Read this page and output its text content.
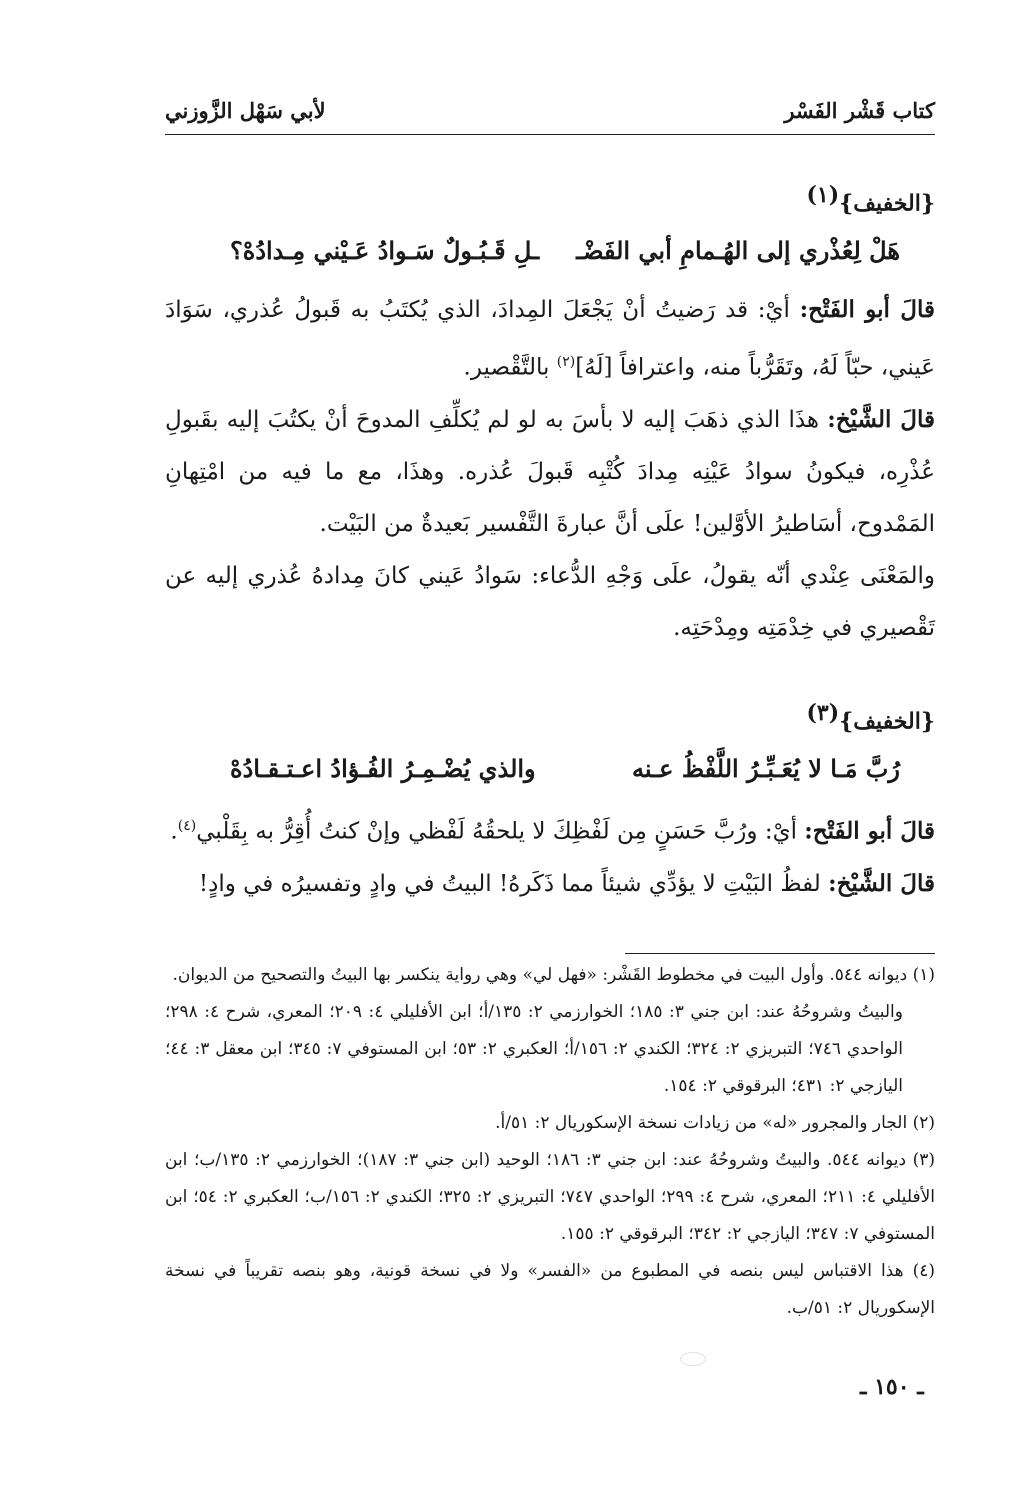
كتاب قَشْر الفَسْر
لأبي سَهْل الزَّوزني
{الخفيف}$^{(١)}$
هَلْ لِعُذْري إلى الهُـمامِ أبي الفَضْـ
ـلِ قَـبُـولٌ سَـوادُ عَـيْني مِـدادُهْ؟

قالَ أبو الفَتْح: أيْ: قد رَضيتُ أنْ يَجْعَلَ المِدادَ، الذي يُكتَبُ به قَبولُ عُذري، سَوَادَ عَيني، حبّاً لَهُ، وتَقَرُّباً منه، واعترافاً [لَهُ]$^{(٢)}$ بالتَّقْصير.

قالَ الشَّيْخ: هذَا الذي ذهَبَ إليه لا بأسَ به لو لم يُكلِّفِ المدوحَ أنْ يكتُبَ إليه بقَبولِ عُذْرِه، فيكونُ سوادُ عَيْنِه مِدادَ كُتْبِه قَبولَ عُذره. وهذَا، مع ما فيه من امْتِهانِ المَمْدوح، أسَاطيرُ الأوَّلين! علَى أنَّ عبارةَ التَّفْسير بَعيدةٌ من البَيْت.

والمَعْنَى عِنْدي أنّه يقولُ، علَى وَجْهِ الدُّعاء: سَوادُ عَيني كانَ مِدادهُ عُذري إليه عن تَقْصيري في خِدْمَتِه ومِدْحَتِه.

{الخفيف}$^{(٣)}$
رُبَّ مَـا لا يُعَـبِّـرُ اللَّفْظُ عـنه
والذي يُضْـمِـرُ الفُـؤادُ اعـتـقـادُهْ

قالَ أبو الفَتْح: أيْ: ورُبَّ حَسَنٍ مِن لَفْظِكَ لا يلحقُهُ لَفْظي وإنْ كنتُ أُقِرُّ به بِقَلْبي$^{(٤)}$.

قالَ الشَّيْخ: لفظُ البَيْتِ لا يؤدِّي شيئاً مما ذَكَرهُ! البيتُ في وادٍ وتفسيرُه في وادٍ!

(١) ديوانه ٥٤٤. وأول البيت في مخطوط القَشْر: «فهل لي» وهي رواية ينكسر بها البيتُ والتصحيح من الديوان.

والبيتُ وشروحُهُ عند: ابن جني ٣: ١٨٥؛ الخوارزمي ٢: ١٣٥/أ؛ ابن الأفليلي ٤: ٢٠٩؛ المعري، شرح ٤: ٢٩٨؛ الواحدي ٧٤٦؛ التبريزي ٢: ٣٢٤؛ الكندي ٢: ١٥٦/أ؛ العكبري ٢: ٥٣؛ ابن المستوفي ٧: ٣٤٥؛ ابن معقل ٣: ٤٤؛ اليازجي ٢: ٤٣١؛ البرقوقي ٢: ١٥٤.

(٢) الجار والمجرور «له» من زيادات نسخة الإسكوريال ٢: ٥١/أ.

(٣) ديوانه ٥٤٤. والبيتُ وشروحُهُ عند: ابن جني ٣: ١٨٦؛ الوحيد (ابن جني ٣: ١٨٧)؛ الخوارزمي ٢: ١٣٥/ب؛ ابن الأفليلي ٤: ٢١١؛ المعري، شرح ٤: ٢٩٩؛ الواحدي ٧٤٧؛ التبريزي ٢: ٣٢٥؛ الكندي ٢: ١٥٦/ب؛ العكبري ٢: ٥٤؛ ابن المستوفي ٧: ٣٤٧؛ اليازجي ٢: ٣٤٢؛ البرقوقي ٢: ١٥٥.

(٤) هذا الاقتباس ليس بنصه في المطبوع من «الفسر» ولا في نسخة قونية، وهو بنصه تقريباً في نسخة الإسكوريال ٢: ٥١/ب.

ـ ١٥٠ ـ
